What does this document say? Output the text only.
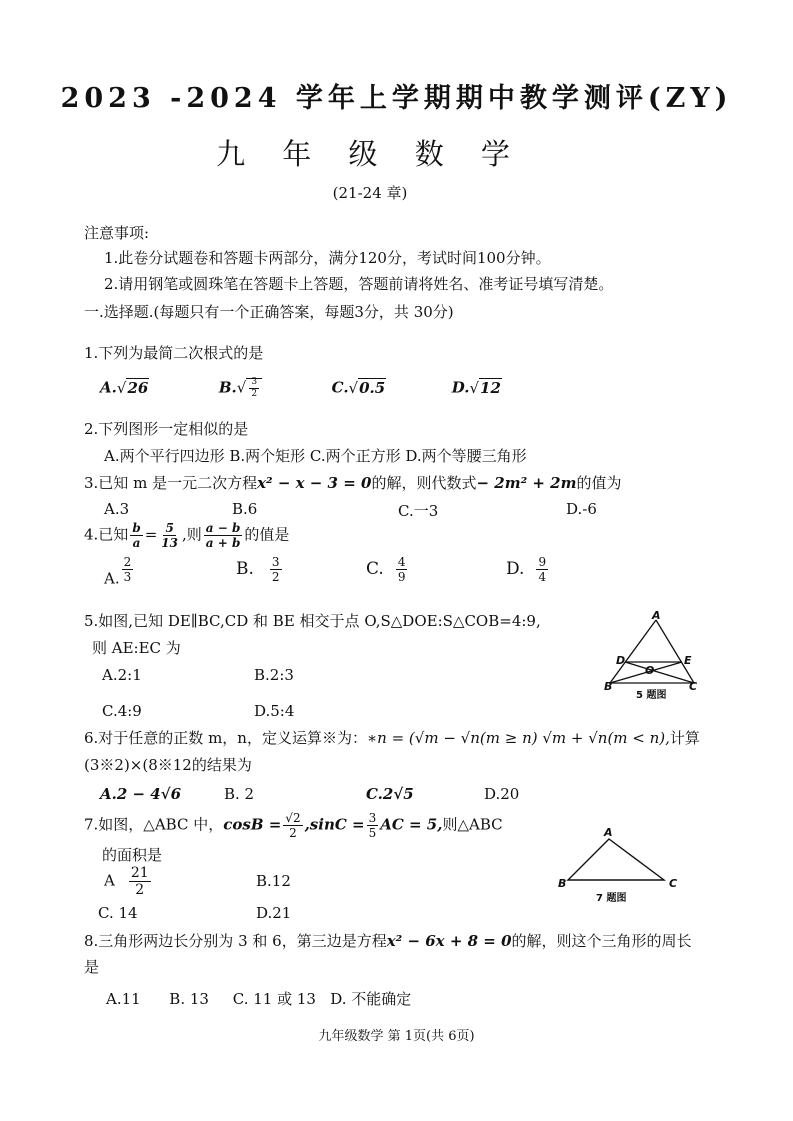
2023 -2024 学年上学期期中教学测评(ZY)
九 年 级 数 学
(21-24 章)
注意事项:
1.此卷分试题卷和答题卡两部分，满分120分，考试时间100分钟。
2.请用钢笔或圆珠笔在答题卡上答题，答题前请将姓名、准考证号填写清楚。
一.选择题.(每题只有一个正确答案，每题3分，共 30分)
1.下列为最简二次根式的是
A.√26	$B.√ \frac{3}{2}$	C.√0.5	D.√12
2.下列图形一定相似的是
A.两个平行四边形 B.两个矩形 C.两个正方形 D.两个等腰三角形
3.已知 m 是一元二次方程x² − x − 3 = 0的解，则代数式− 2m² + 2m的值为
A.3	B.6	C.一3	D.-6
4.已知 $\frac{b}{a} = \frac{5}{13}$ ,则 $\frac{a - b}{a + b}$ 的值是
A. $\frac{2}{3}$	B. $\frac{3}{2}$	C. $\frac{4}{9}$	D. $\frac{9}{4}$
5.如图,已知 DE∥BC,CD 和 BE 相交于点 O,S△DOE:S△COB=4:9,
则 AE:EC 为
A.2:1	B.2:3
C.4:9	D.5:4
A
D	E
O
B	C
5 题图
6.对于任意的正数 m，n，定义运算※为：∗n = (√m − √n(m ≥ n) √m + √n(m < n),计算
(3※2)×(8※12的结果为
A.2 − 4√6	B. 2	C.2√5	D.20
7.如图，△ABC 中，$\cos B = \frac{√2}{2} ,\sin C = \frac{3}{5}$ AC = 5,则△ABC
的面积是
A $\frac{21}{2}$	B.12
C. 14	D.21
A
B	C
7 题图
8.三角形两边长分别为 3 和 6，第三边是方程x² − 6x + 8 = 0的解，则这个三角形的周长
是
A.11      B. 13     C. 11 或 13   D. 不能确定
九年级数学 第 1页(共 6页)
